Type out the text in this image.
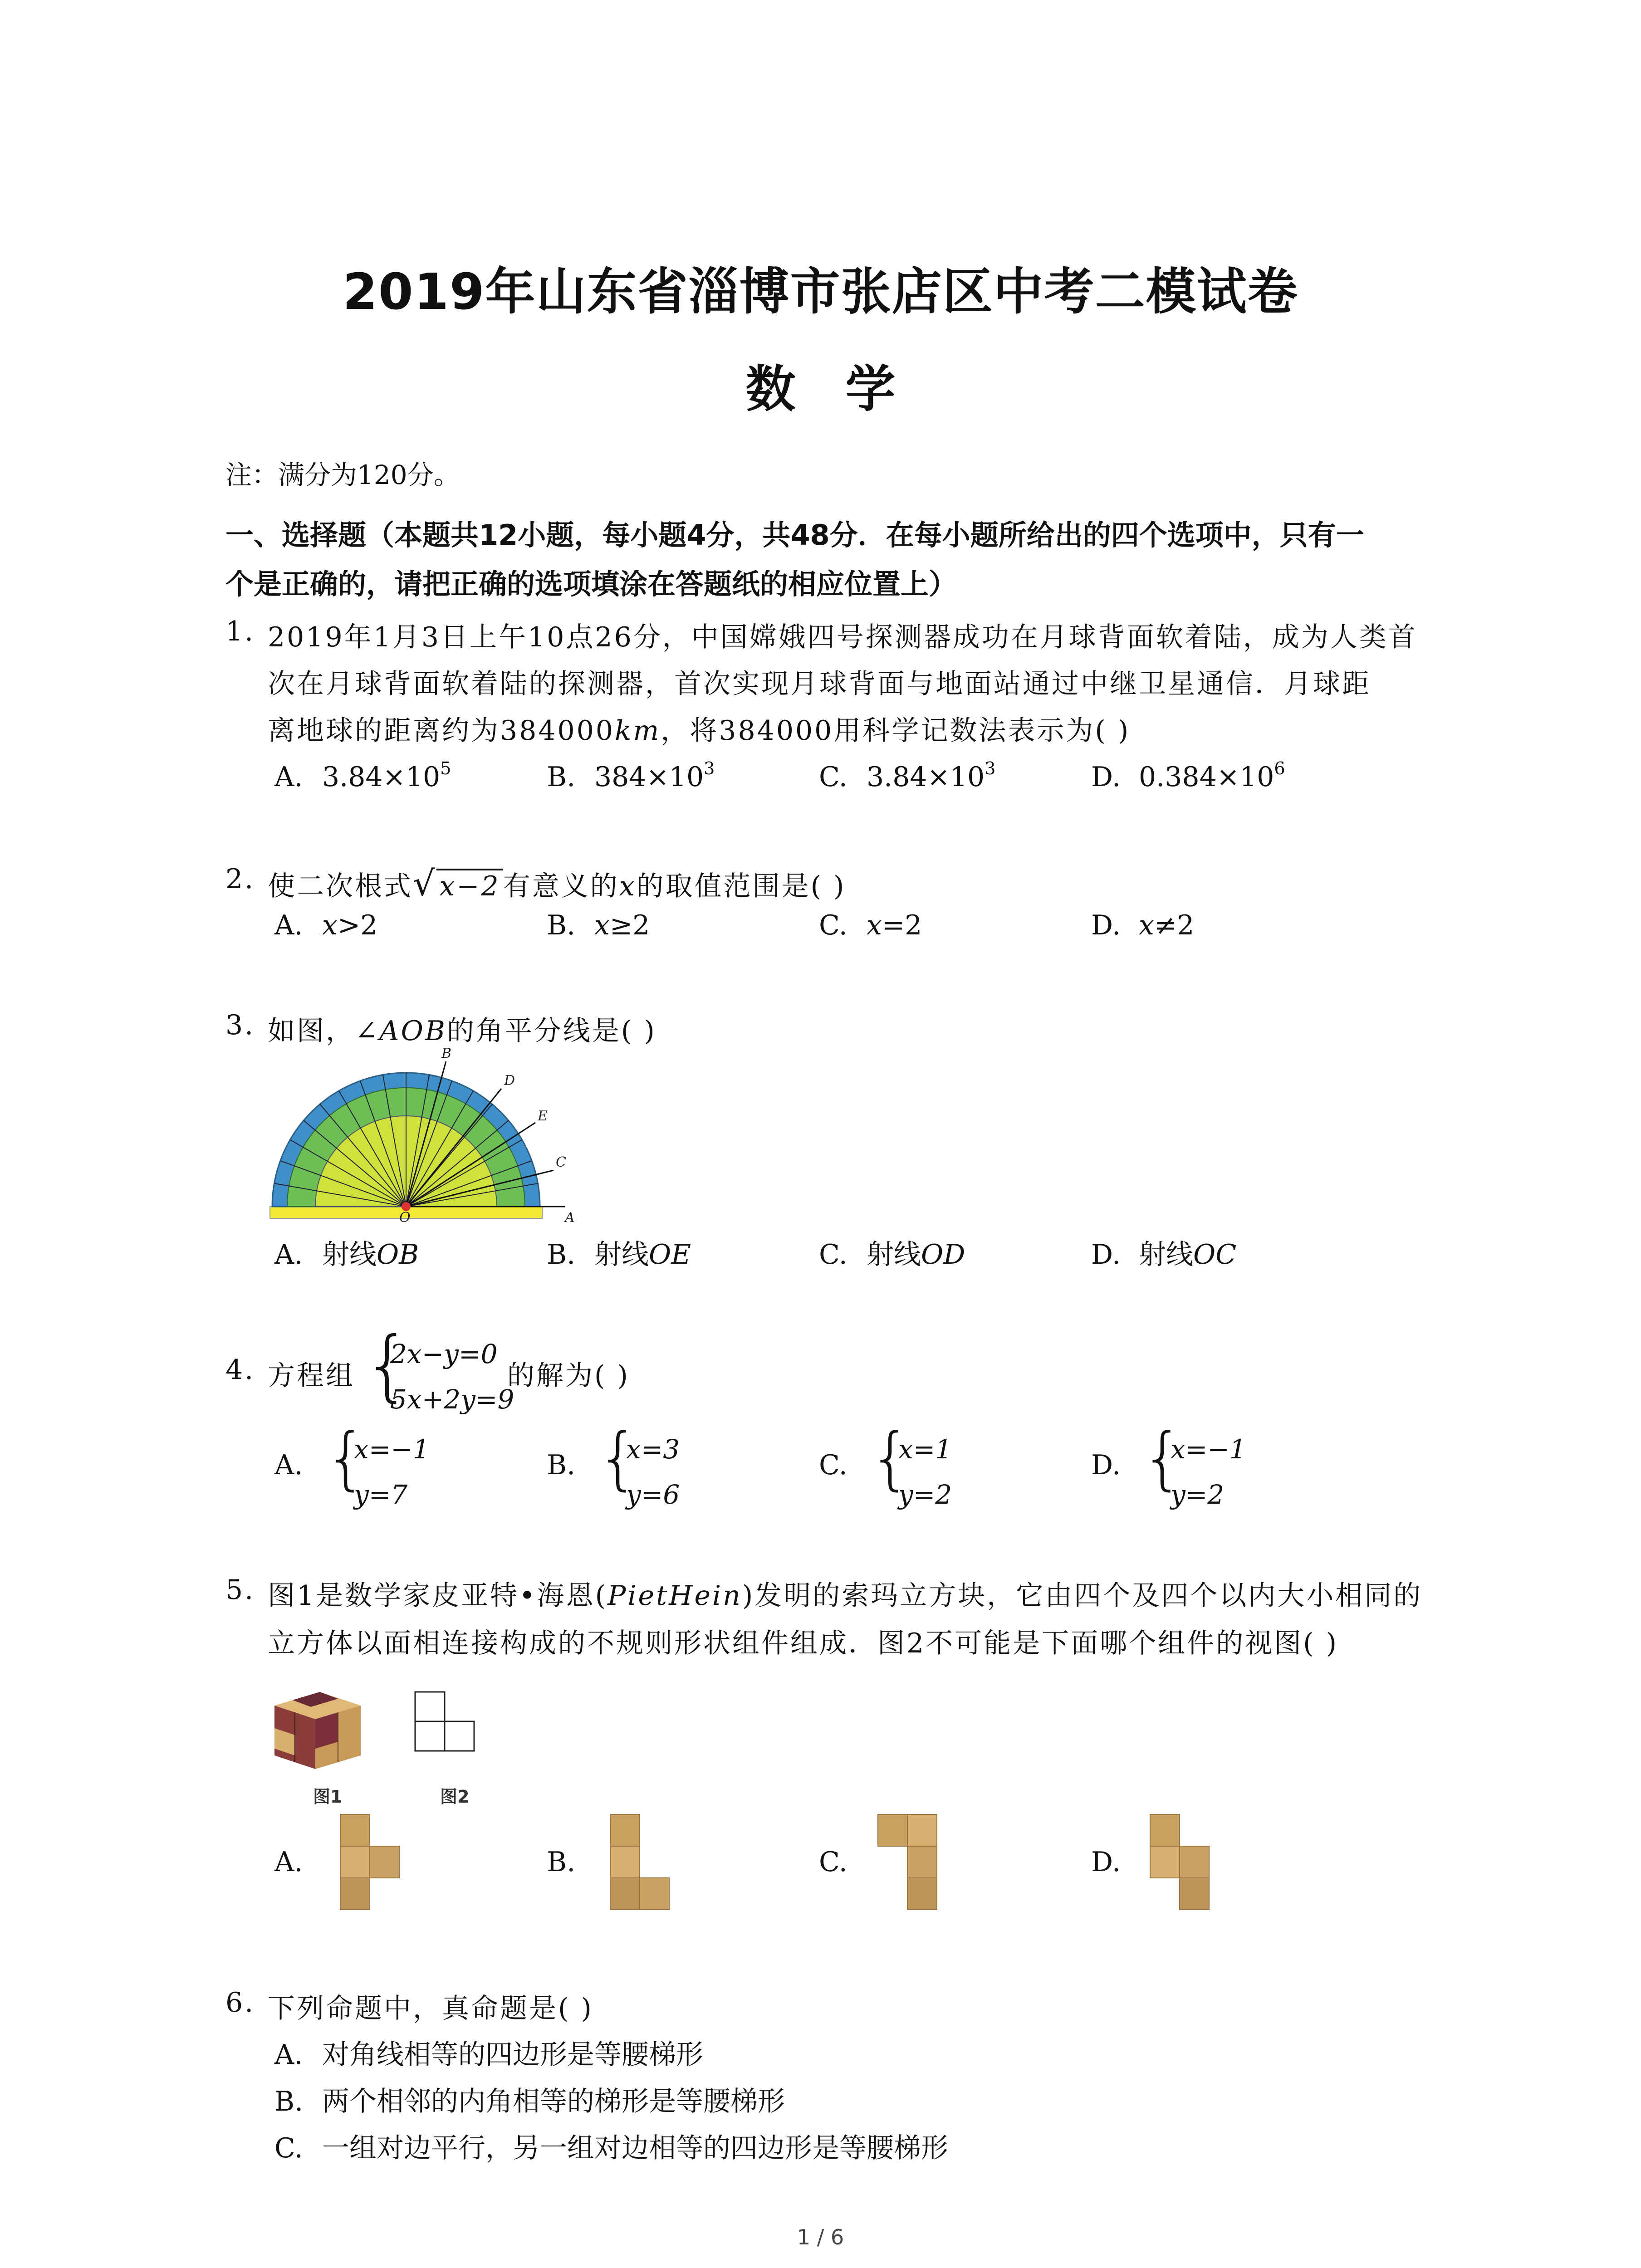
2019年山东省淄博市张店区中考二模试卷
数学
注：满分为120分。
一、选择题（本题共12小题，每小题4分，共48分．在每小题所给出的四个选项中，只有一
个是正确的，请把正确的选项填涂在答题纸的相应位置上）
1. 2019年1月3日上午10点26分，中国嫦娥四号探测器成功在月球背面软着陆，成为人类首
次在月球背面软着陆的探测器，首次实现月球背面与地面站通过中继卫星通信．月球距
离地球的距离约为384000km，将384000用科学记数法表示为( )
A. $3.84\times 10^5$	B. $384\times 10^3$	C. $3.84\times 10^3$	D. $0.384\times 10^6$
2. 使二次根式√ x−2 有意义的x的取值范围是( )
A. x>2	B. x≥2	C. x=2	D. x≠2
3. 如图，∠AOB的角平分线是( )
B
D
E
C
O	A
A. 射线OB	B. 射线OE	C. 射线OD	D. 射线OC
4. 方程组 {
2x−y=0
5x+2y=9
的解为( )
A. {
x=−1
y=7
B. {
x=3
y=6
C. {
x=1
y=2
D. {
x=−1
y=2
5. 图1是数学家皮亚特•海恩(PietHein)发明的索玛立方块，它由四个及四个以内大小相同的
立方体以面相连接构成的不规则形状组件组成．图2不可能是下面哪个组件的视图( )
图1	图2
A.	B.	C.	D.
6. 下列命题中，真命题是( )
A. 对角线相等的四边形是等腰梯形
B. 两个相邻的内角相等的梯形是等腰梯形
C. 一组对边平行，另一组对边相等的四边形是等腰梯形
1 / 6
